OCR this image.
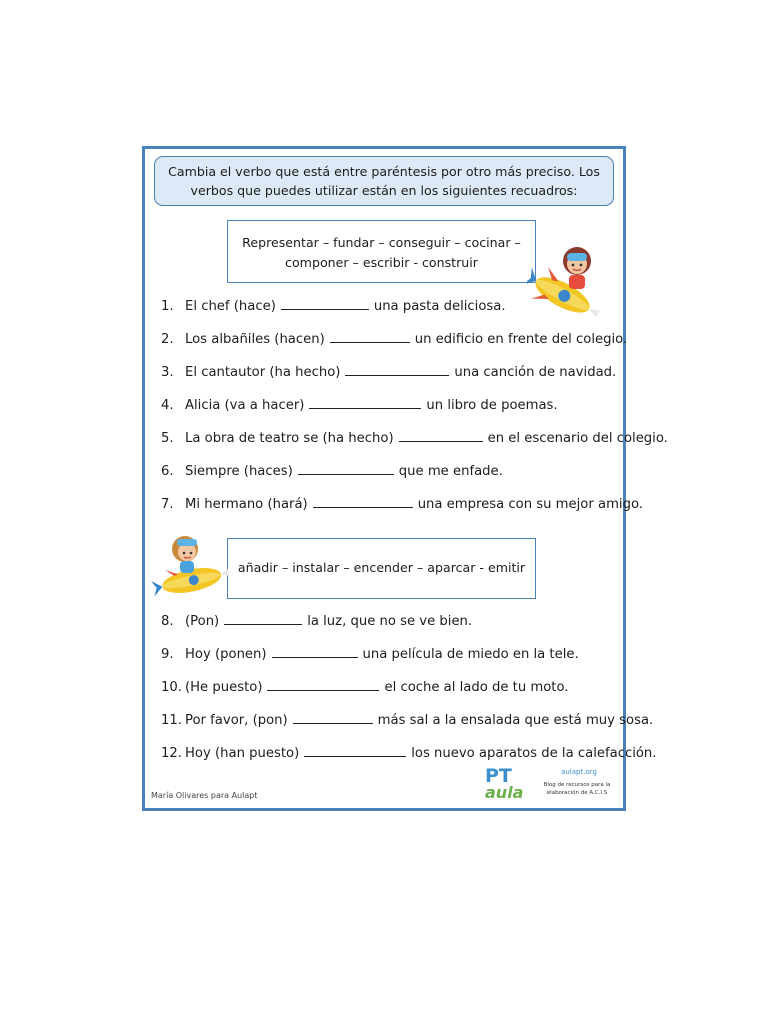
Cambia el verbo que está entre paréntesis por otro más preciso. Los
verbos que puedes utilizar están en los siguientes recuadros:
Representar – fundar – conseguir – cocinar –
componer – escribir - construir
añadir – instalar – encender – aparcar - emitir
1. El chef (hace)	una pasta deliciosa.
2. Los albañiles (hacen)	un edificio en frente del colegio.
3. El cantautor (ha hecho)	una canción de navidad.
4. Alicia (va a hacer)	un libro de poemas.
5. La obra de teatro se (ha hecho)	en el escenario del colegio.
6. Siempre (haces)	que me enfade.
7. Mi hermano (hará)	una empresa con su mejor amigo.
8. (Pon)	la luz, que no se ve bien.
9. Hoy (ponen)	una película de miedo en la tele.
10. (He puesto)	el coche al lado de tu moto.
11. Por favor, (pon)	más sal a la ensalada que está muy sosa.
12. Hoy (han puesto)	los nuevo aparatos de la calefacción.
María Olivares para Aulapt
PT
aula
aulapt.org
Blog de recursos para la
elaboración de A.C.I.S
